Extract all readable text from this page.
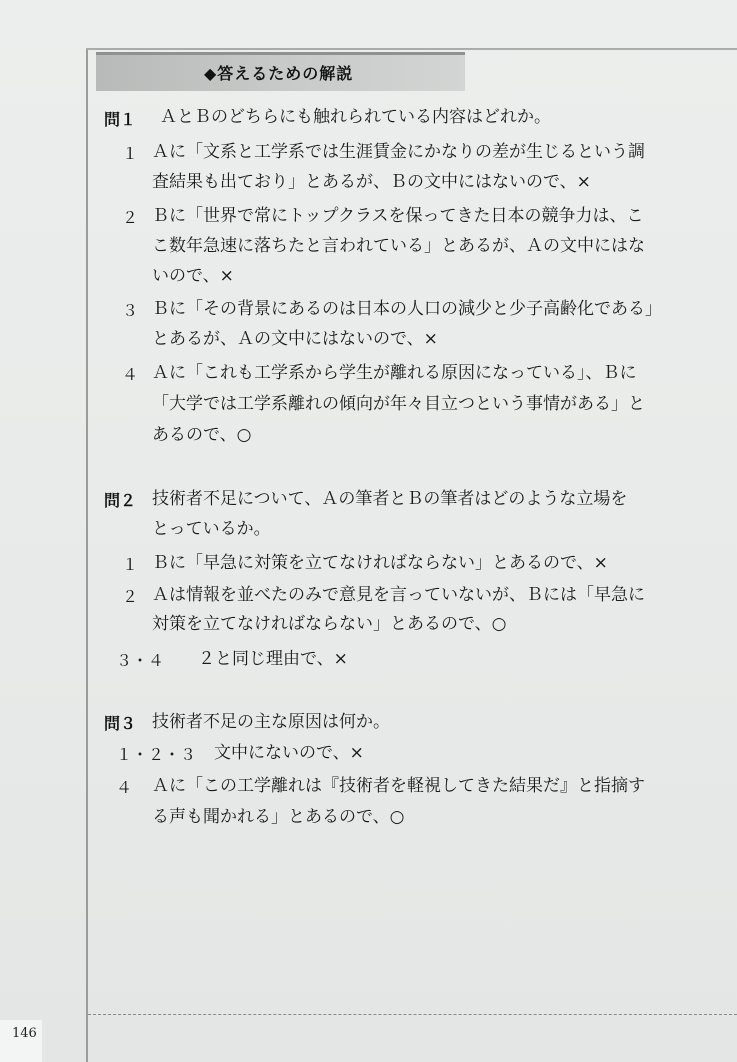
◆答えるための解説
問１ ＡとＢのどちらにも触れられている内容はどれか。
１ Ａに「文系と工学系では生涯賃金にかなりの差が生じるという調
査結果も出ており」とあるが、Ｂの文中にはないので、×
２ Ｂに「世界で常にトップクラスを保ってきた日本の競争力は、こ
こ数年急速に落ちたと言われている」とあるが、Ａの文中にはな
いので、×
３ Ｂに「その背景にあるのは日本の人口の減少と少子高齢化である」
とあるが、Ａの文中にはないので、×
４ Ａに「これも工学系から学生が離れる原因になっている」、Ｂに
「大学では工学系離れの傾向が年々目立つという事情がある」と
あるので、○
問２ 技術者不足について、Ａの筆者とＢの筆者はどのような立場を
とっているか。
１ Ｂに「早急に対策を立てなければならない」とあるので、×
２ Ａは情報を並べたのみで意見を言っていないが、Ｂには「早急に
対策を立てなければならない」とあるので、○
３・４ ２と同じ理由で、×
問３ 技術者不足の主な原因は何か。
１・２・３ 文中にないので、×
４ Ａに「この工学離れは『技術者を軽視してきた結果だ』と指摘す
る声も聞かれる」とあるので、○
146
